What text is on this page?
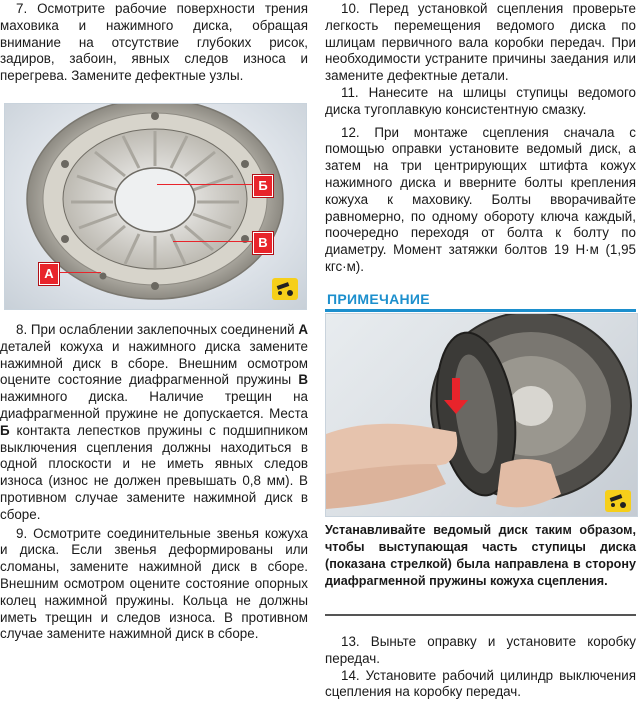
7. Осмотрите рабочие поверхности трения маховика и нажимного диска, обращая внимание на отсутствие глубоких рисок, задиров, забоин, явных следов износа и перегрева. Замените дефектные узлы.

Б
В
А

8. При ослаблении заклепочных соединений А деталей кожуха и нажимного диска замените нажимной диск в сборе. Внешним осмотром оцените состояние диафрагменной пружины В нажимного диска. Наличие трещин на диафрагменной пружине не допускается. Места Б контакта лепестков пружины с подшипником выключения сцепления должны находиться в одной плоскости и не иметь явных следов износа (износ не должен превышать 0,8 мм). В противном случае замените нажимной диск в сборе.

9. Осмотрите соединительные звенья кожуха и диска. Если звенья деформированы или сломаны, замените нажимной диск в сборе. Внешним осмотром оцените состояние опорных колец нажимной пружины. Кольца не должны иметь трещин и следов износа. В противном случае замените нажимной диск в сборе.

10. Перед установкой сцепления проверьте легкость перемещения ведомого диска по шлицам первичного вала коробки передач. При необходимости устраните причины заедания или замените дефектные детали.

11. Нанесите на шлицы ступицы ведомого диска тугоплавкую консистентную смазку.

12. При монтаже сцепления сначала с помощью оправки установите ведомый диск, а затем на три центрирующих штифта кожух нажимного диска и вверните болты крепления кожуха к маховику. Болты вворачивайте равномерно, по одному обороту ключа каждый, поочередно переходя от болта к болту по диаметру. Момент затяжки болтов 19 Н·м (1,95 кгс·м).

ПРИМЕЧАНИЕ
Устанавливайте ведомый диск таким образом, чтобы выступающая часть ступицы диска (показана стрелкой) была направлена в сторону диафрагменной пружины кожуха сцепления.

13. Выньте оправку и установите коробку передач.

14. Установите рабочий цилиндр выключения сцепления на коробку передач.
